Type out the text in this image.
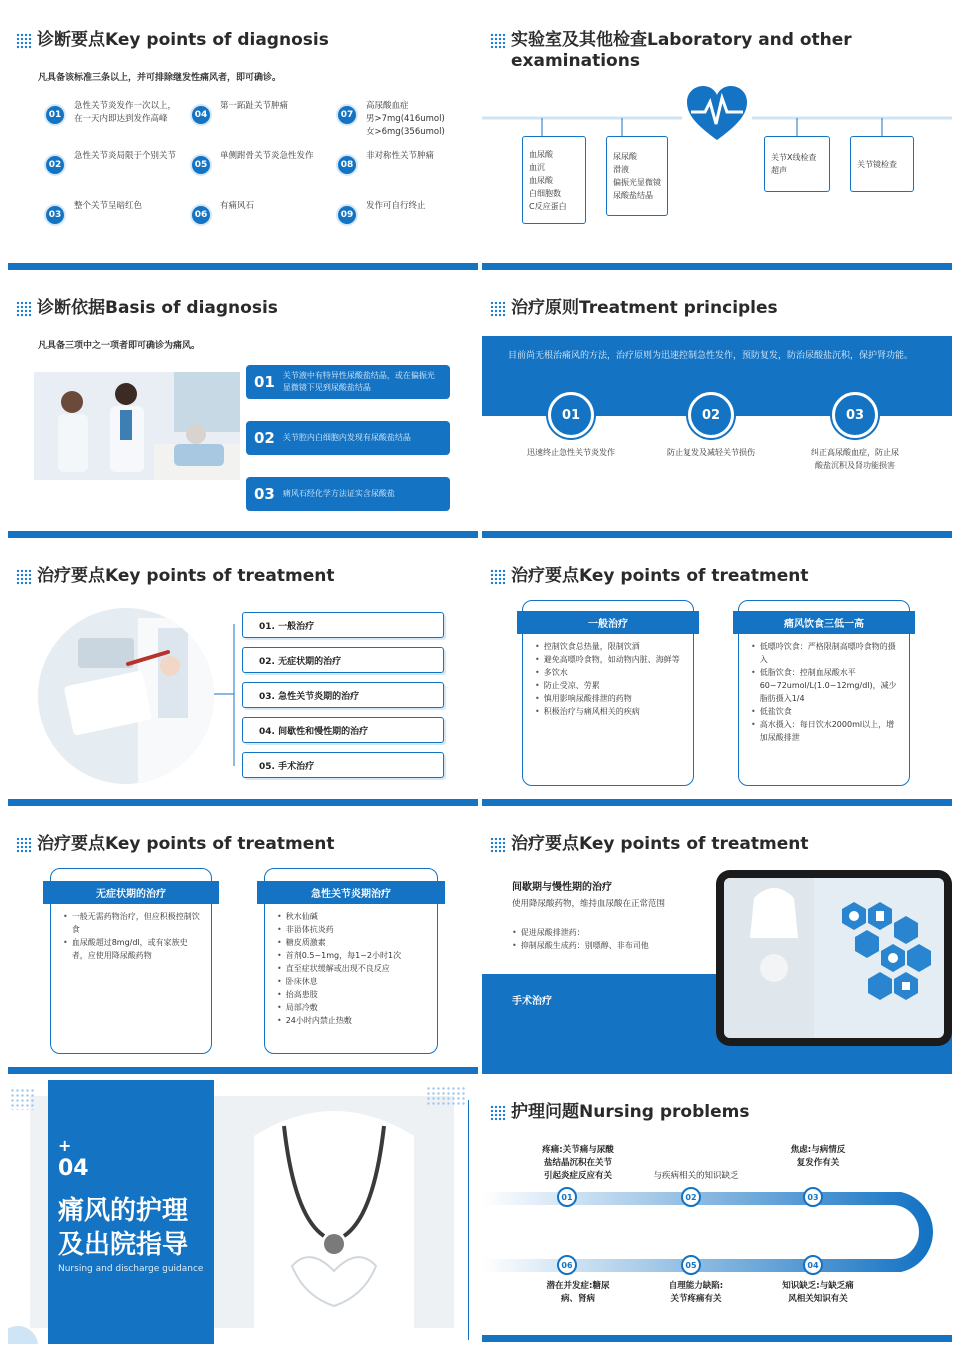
诊断要点Key points of diagnosis
凡具备该标准三条以上，并可排除继发性痛风者，即可确诊。
01
急性关节炎发作一次以上，在一天内即达到发作高峰
02
急性关节炎局限于个别关节
03
整个关节呈暗红色
04
第一跖趾关节肿痛
05
单侧跗骨关节炎急性发作
06
有痛风石
07
高尿酸血症
男>7mg(416umol)
女>6mg(356umol)
08
非对称性关节肿痛
09
发作可自行终止
实验室及其他检查Laboratory and other
examinations
血尿酸
血沉
血尿酸
白细胞数
C反应蛋白
尿尿酸
滑液
偏振光显微镜
尿酸盐结晶
关节X线检查
超声
关节镜检查
诊断依据Basis of diagnosis
凡具备三项中之一项者即可确诊为痛风。
01 关节液中有特异性尿酸盐结晶，或在偏振光显微镜下见到尿酸盐结晶
02 关节腔内白细胞内发现有尿酸盐结晶
03 痛风石经化学方法证实含尿酸盐
治疗原则Treatment principles
目前尚无根治痛风的方法，治疗原则为迅速控制急性发作，预防复发，防治尿酸盐沉积，保护肾功能。
01
迅速终止急性关节炎发作
02
防止复发及减轻关节损伤
03
纠正高尿酸血症，防止尿酸盐沉积及肾功能损害
治疗要点Key points of treatment
01. 一般治疗
02. 无症状期的治疗
03. 急性关节炎期的治疗
04. 间歇性和慢性期的治疗
05. 手术治疗
治疗要点Key points of treatment
一般治疗
• 控制饮食总热量，限制饮酒
• 避免高嘌呤食物，如动物内脏、海鲜等
• 多饮水
• 防止受凉、劳累
• 慎用影响尿酸排泄的药物
• 积极治疗与痛风相关的疾病
痛风饮食三低一高
• 低嘌呤饮食：严格限制高嘌呤食物的摄入
• 低脂饮食：控制血尿酸水平60~72umol/L(1.0~12mg/dl)，减少脂肪摄入1/4
• 低盐饮食
• 高水摄入：每日饮水2000ml以上，增加尿酸排泄
治疗要点Key points of treatment
无症状期的治疗
• 一般无需药物治疗，但应积极控制饮食
• 血尿酸超过8mg/dl，或有家族史者，应使用降尿酸药物
急性关节炎期治疗
• 秋水仙碱
• 非甾体抗炎药
• 糖皮质激素
• 首剂0.5~1mg，每1~2小时1次
• 直至症状缓解或出现不良反应
• 卧床休息
• 抬高患肢
• 局部冷敷
• 24小时内禁止热敷
治疗要点Key points of treatment
间歇期与慢性期的治疗
使用降尿酸药物，维持血尿酸在正常范围
• 促进尿酸排泄药：
• 抑制尿酸生成药：别嘌醇、非布司他
手术治疗
+
04
痛风的护理
及出院指导
Nursing and discharge guidance
护理问题Nursing problems
01
疼痛:关节痛与尿酸
盐结晶沉积在关节
引起炎症反应有关
02
与疾病相关的知识缺乏
03
焦虑:与病情反
复发作有关
04
知识缺乏:与缺乏痛
风相关知识有关
05
自理能力缺陷:
关节疼痛有关
06
潜在并发症:糖尿
病、肾病
